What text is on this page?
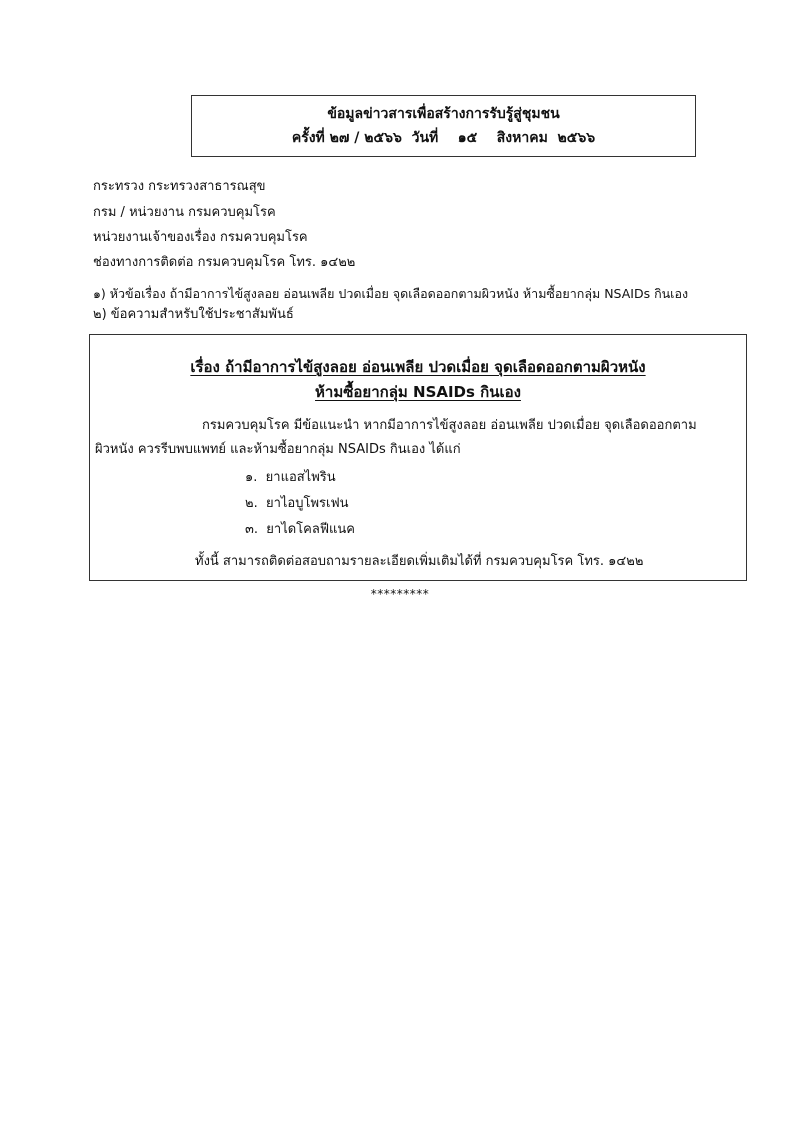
ข้อมูลข่าวสารเพื่อสร้างการรับรู้สู่ชุมชน
ครั้งที่ ๒๗ / ๒๕๖๖  วันที่    ๑๕    สิงหาคม  ๒๕๖๖
กระทรวง กระทรวงสาธารณสุข
กรม / หน่วยงาน กรมควบคุมโรค
หน่วยงานเจ้าของเรื่อง กรมควบคุมโรค
ช่องทางการติดต่อ กรมควบคุมโรค โทร. ๑๔๒๒
๑) หัวข้อเรื่อง ถ้ามีอาการไข้สูงลอย อ่อนเพลีย ปวดเมื่อย จุดเลือดออกตามผิวหนัง ห้ามซื้อยากลุ่ม NSAIDs กินเอง
๒) ข้อความสำหรับใช้ประชาสัมพันธ์
เรื่อง ถ้ามีอาการไข้สูงลอย อ่อนเพลีย ปวดเมื่อย จุดเลือดออกตามผิวหนัง
ห้ามซื้อยากลุ่ม NSAIDs กินเอง
กรมควบคุมโรค มีข้อแนะนำ หากมีอาการไข้สูงลอย อ่อนเพลีย ปวดเมื่อย จุดเลือดออกตาม
ผิวหนัง ควรรีบพบแพทย์ และห้ามซื้อยากลุ่ม NSAIDs กินเอง ได้แก่
๑.  ยาแอสไพริน
๒.  ยาไอบูโพรเฟน
๓.  ยาไดโคลฟีแนค
ทั้งนี้ สามารถติดต่อสอบถามรายละเอียดเพิ่มเติมได้ที่ กรมควบคุมโรค โทร. ๑๔๒๒
*********
